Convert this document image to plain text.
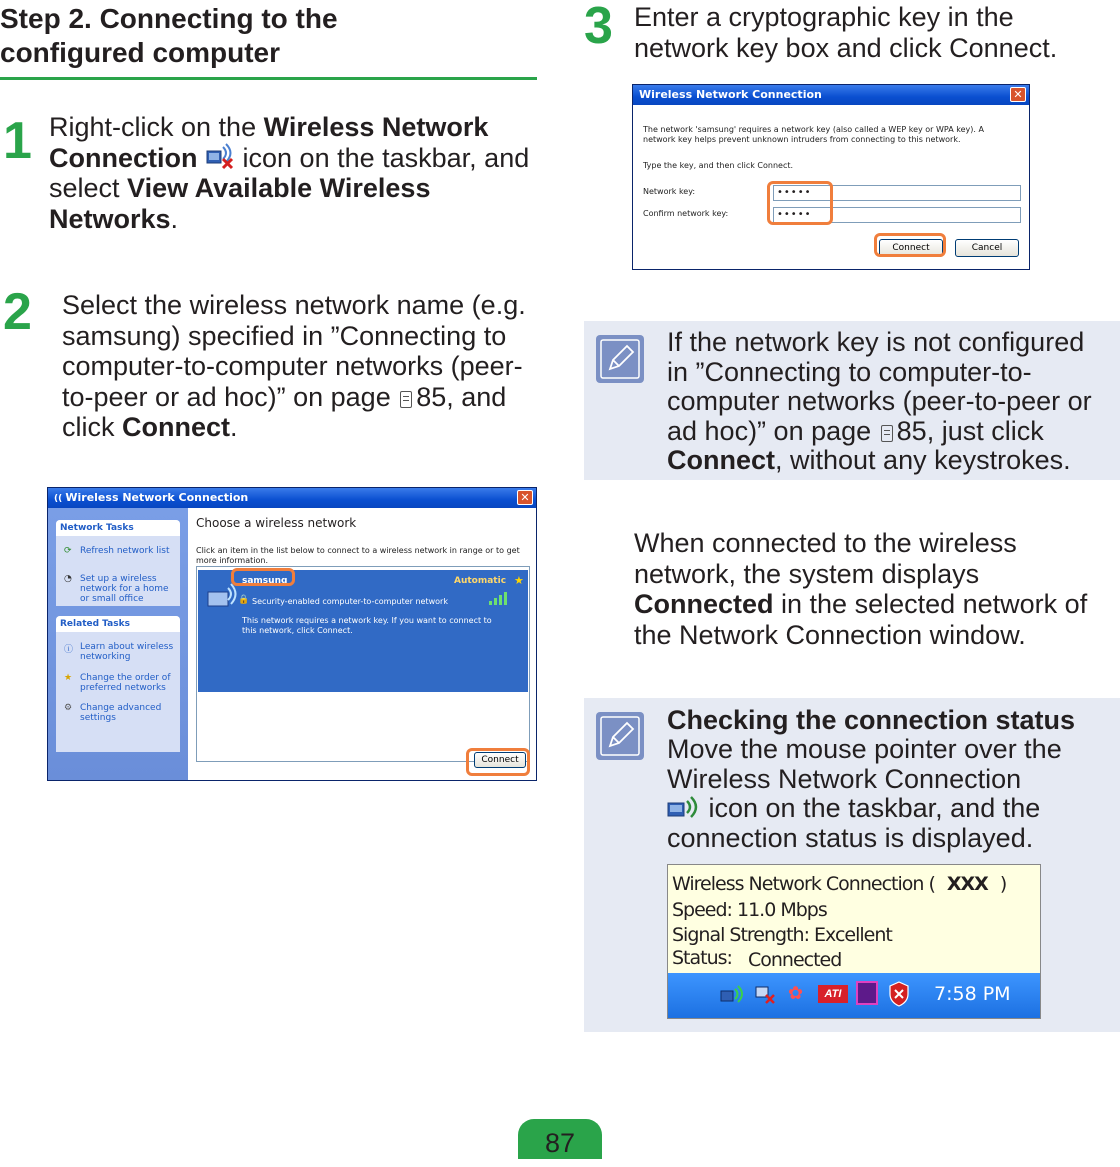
Step 2. Connecting to the
configured computer
1 Right-click on the Wireless Network Connection  icon on the taskbar, and select View Available Wireless Networks.
2 Select the wireless network name (e.g. samsung) specified in ”Connecting to computer-to-computer networks (peer-to-peer or ad hoc)” on page 85, and click Connect.
(( Wireless Network Connection	✕
Network Tasks
Refresh network list
⟳
Set up a wireless network for a home or small office
◔
Related Tasks
ⓘ Learn about wireless networking
★ Change the order of preferred networks
⚙ Change advanced settings
Choose a wireless network
Click an item in the list below to connect to a wireless network in range or to get more information.
samsung	Automatic ★
🔒 Security-enabled computer-to-computer network
This network requires a network key. If you want to connect to this network, click Connect.
Connect
3 Enter a cryptographic key in the network key box and click Connect.
Wireless Network Connection	✕
The network 'samsung' requires a network key (also called a WEP key or WPA key). A network key helps prevent unknown intruders from connecting to this network.
Type the key, and then click Connect.
Network key:	•••••
Confirm network key:	•••••
Connect	Cancel
If the network key is not configured in ”Connecting to computer-to-computer networks (peer-to-peer or ad hoc)” on page 85, just click Connect, without any keystrokes.
When connected to the wireless network, the system displays Connected in the selected network of the Network Connection window.
Checking the connection status
Move the mouse pointer over the Wireless Network Connection
icon on the taskbar, and the connection status is displayed.
Wireless Network Connection ( XXX )
Speed: 11.0 Mbps
Signal Strength: Excellent
Status: Connected
✿	ATI	7:58 PM
87
